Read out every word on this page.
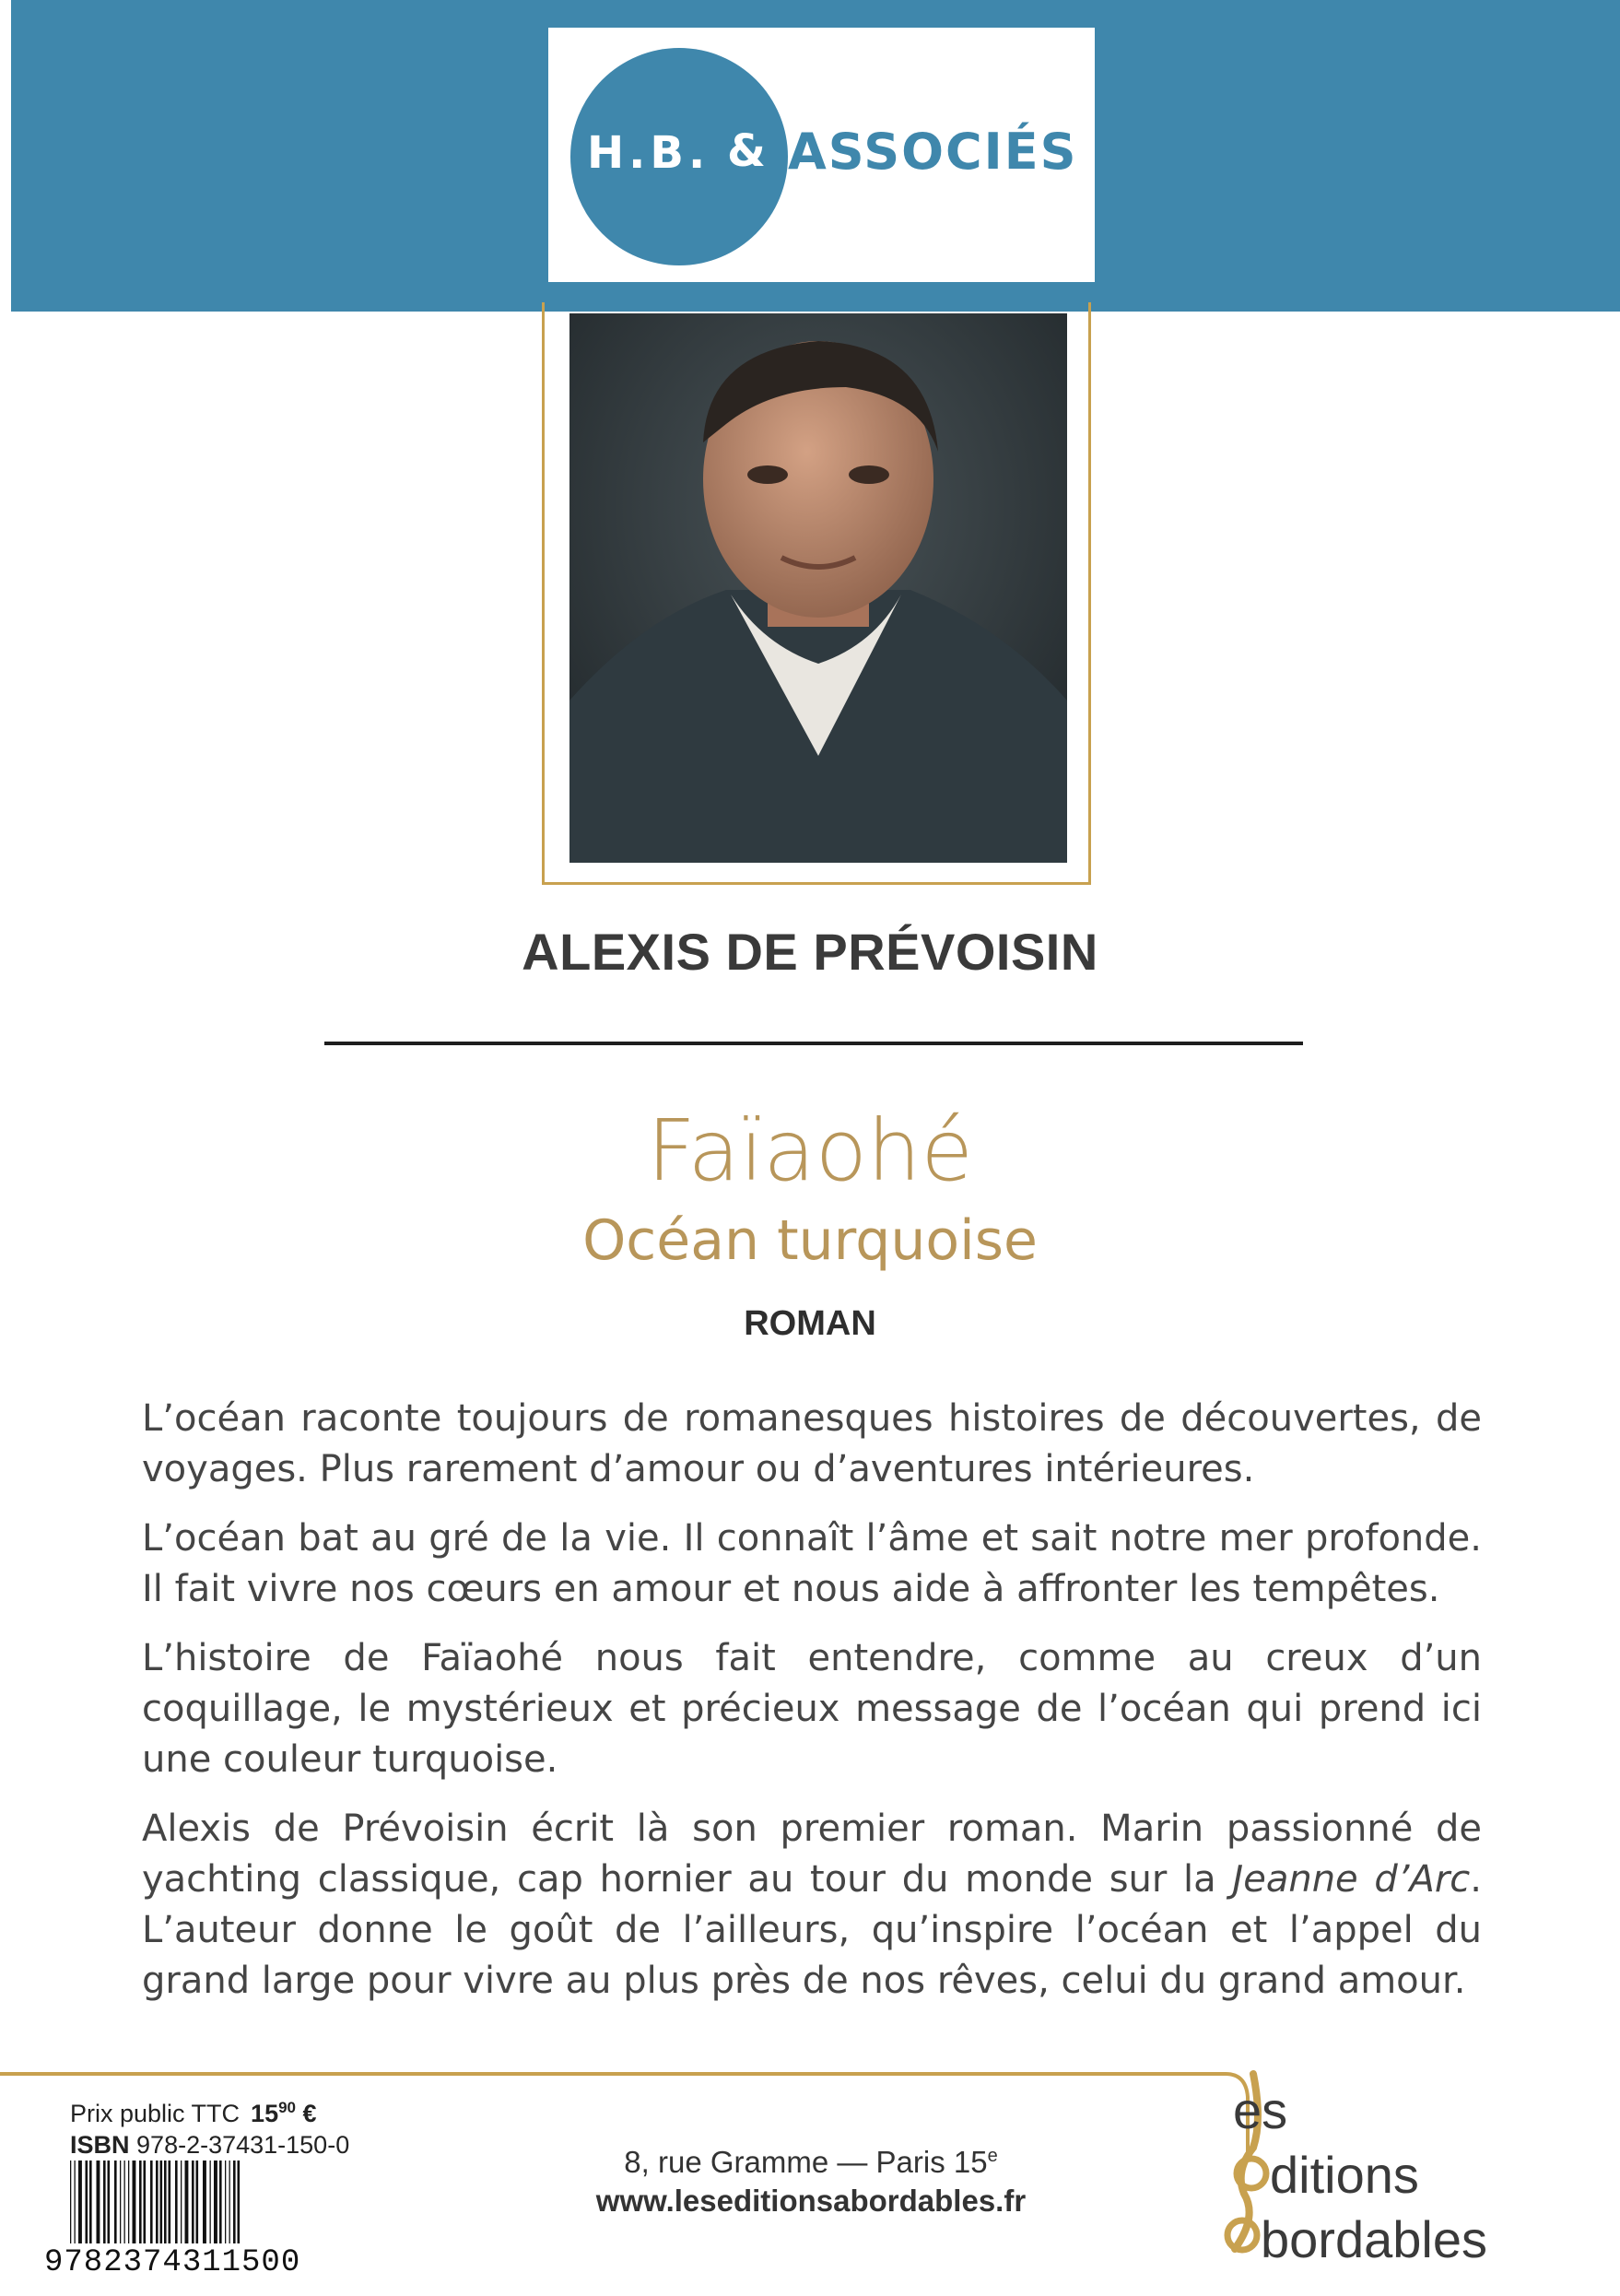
H.B. & ASSOCIÉS
ALEXIS DE PRÉVOISIN
Faïaohé
Océan turquoise
ROMAN

L’océan raconte toujours de romanesques histoires de découvertes, de voyages. Plus rarement d’amour ou d’aventures intérieures.

L’océan bat au gré de la vie. Il connaît l’âme et sait notre mer profonde. Il fait vivre nos cœurs en amour et nous aide à affronter les tempêtes.

L’histoire de Faïaohé nous fait entendre, comme au creux d’un coquillage, le mystérieux et précieux message de l’océan qui prend ici une couleur turquoise.

Alexis de Prévoisin écrit là son premier roman. Marin passionné de yachting classique, cap hornier au tour du monde sur la Jeanne d’Arc. L’auteur donne le goût de l’ailleurs, qu’inspire l’océan et l’appel du grand large pour vivre au plus près de nos rêves, celui du grand amour.

Prix public TTC $15^{90}$ €
ISBN 978-2-37431-150-0
9782374311500
8, rue Gramme — Paris 15e
www.leseditionsabordables.fr
es
ditions
bordables
